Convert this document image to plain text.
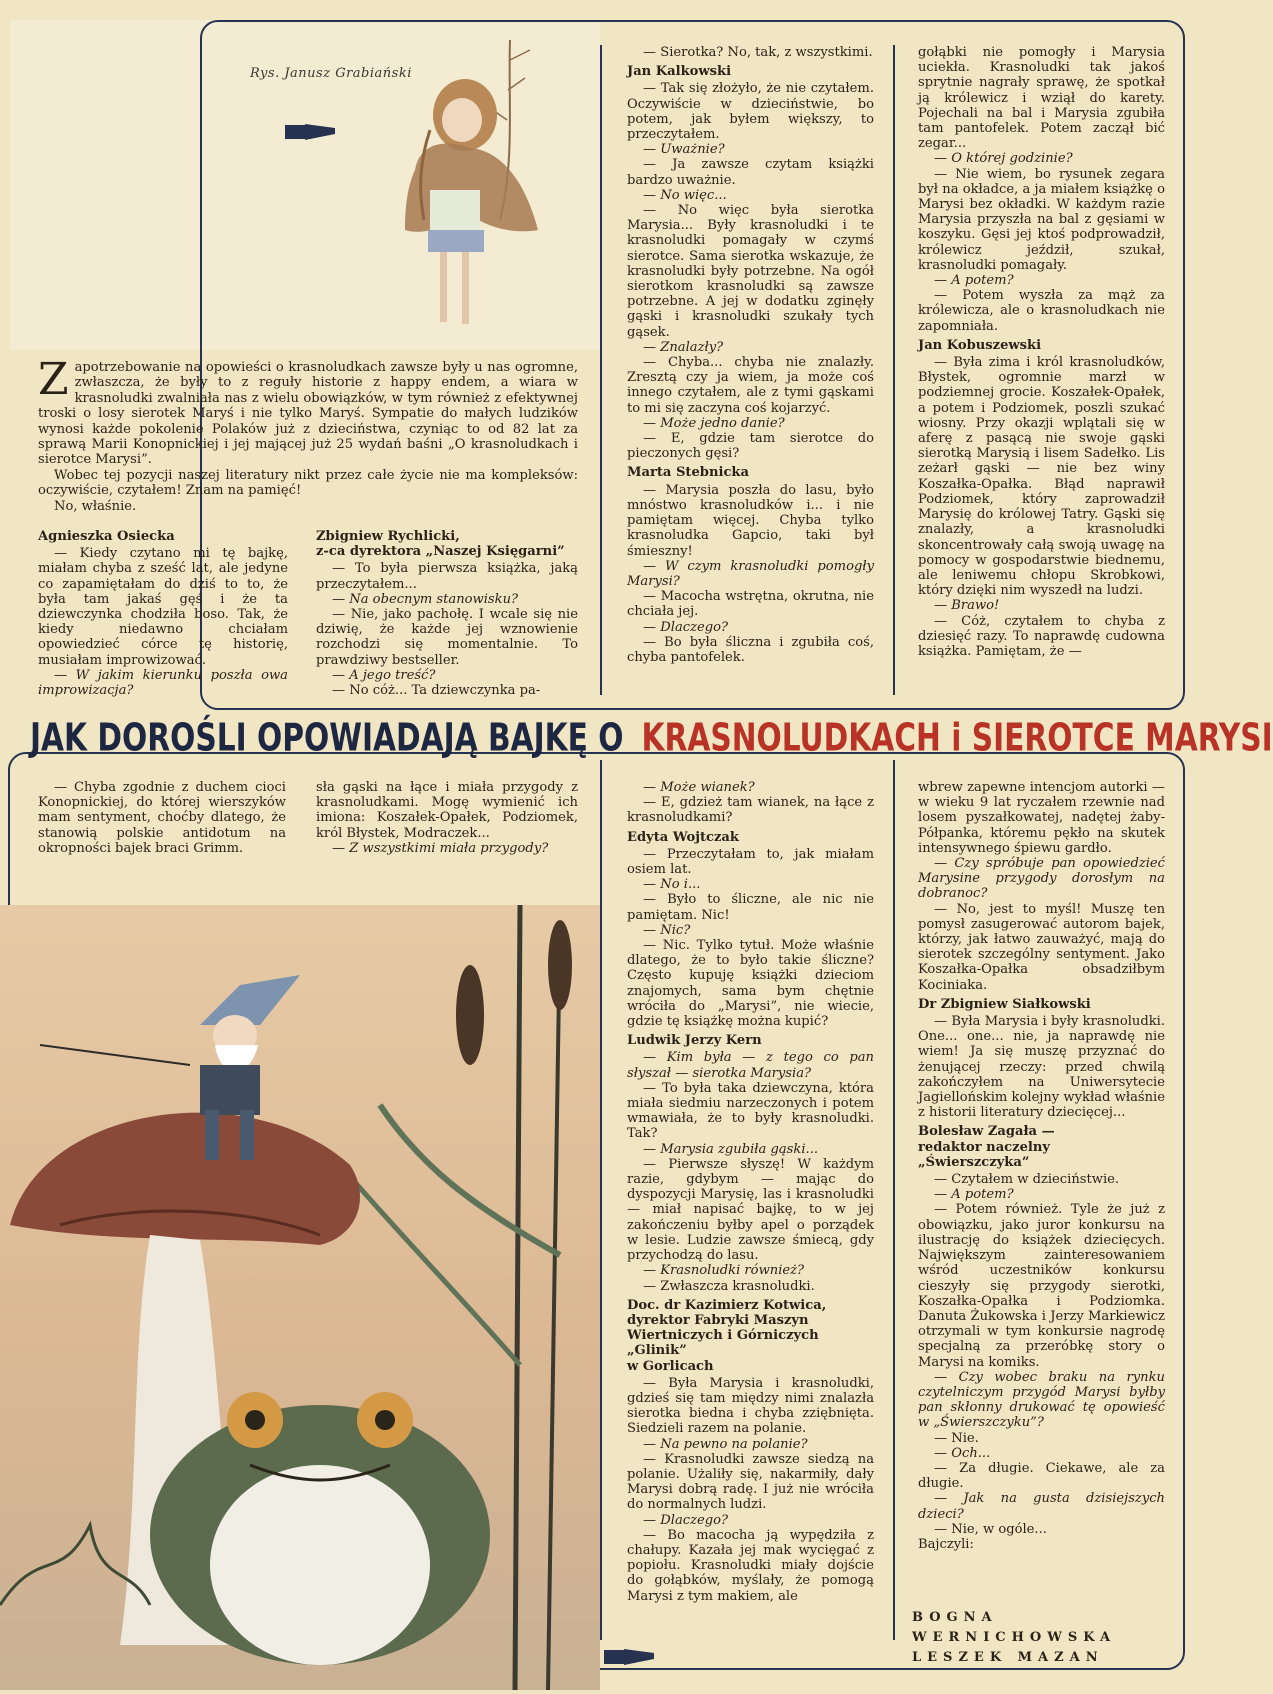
Rys. Janusz Grabiański

Zapotrzebowanie na opowieści o krasnoludkach zawsze były u nas ogromne, zwłaszcza, że były to z reguły historie z happy endem, a wiara w krasnoludki zwalniała nas z wielu obowiązków, w tym również z efektywnej troski o losy sierotek Maryś i nie tylko Maryś. Sympatie do małych ludzików wynosi każde pokolenie Polaków już z dzieciństwa, czyniąc to od 82 lat za sprawą Marii Konopnickiej i jej mającej już 25 wydań baśni „O krasnoludkach i sierotce Marysi”.

Wobec tej pozycji naszej literatury nikt przez całe życie nie ma kompleksów: oczywiście, czytałem! Znam na pamięć!

No, właśnie.

Agnieszka Osiecka

— Kiedy czytano mi tę bajkę, miałam chyba z sześć lat, ale jedyne co zapamiętałam do dziś to to, że była tam jakaś gęś i że ta dziewczynka chodziła boso. Tak, że kiedy niedawno chciałam opowiedzieć córce tę historię, musiałam improwizować.

— W jakim kierunku poszła owa improwizacja?

Zbigniew Rychlicki,
z-ca dyrektora „Naszej Księgarni”

— To była pierwsza książka, jaką przeczytałem...

— Na obecnym stanowisku?

— Nie, jako pachołę. I wcale się nie dziwię, że każde jej wznowienie rozchodzi się momentalnie. To prawdziwy bestseller.

— A jego treść?

— No cóż... Ta dziewczynka pa-

— Sierotka? No, tak, z wszystkimi.

Jan Kalkowski

— Tak się złożyło, że nie czytałem. Oczywiście w dzieciństwie, bo potem, jak byłem większy, to przeczytałem.

— Uważnie?

— Ja zawsze czytam książki bardzo uważnie.

— No więc...

— No więc była sierotka Marysia... Były krasnoludki i te krasnoludki pomagały w czymś sierotce. Sama sierotka wskazuje, że krasnoludki były potrzebne. Na ogół sierotkom krasnoludki są zawsze potrzebne. A jej w dodatku zginęły gąski i krasnoludki szukały tych gąsek.

— Znalazły?

— Chyba... chyba nie znalazły. Zresztą czy ja wiem, ja może coś innego czytałem, ale z tymi gąskami to mi się zaczyna coś kojarzyć.

— Może jedno danie?

— E, gdzie tam sierotce do pieczonych gęsi?

Marta Stebnicka

— Marysia poszła do lasu, było mnóstwo krasnoludków i... i nie pamiętam więcej. Chyba tylko krasnoludka Gapcio, taki był śmieszny!

— W czym krasnoludki pomogły Marysi?

— Macocha wstrętna, okrutna, nie chciała jej.

— Dlaczego?

— Bo była śliczna i zgubiła coś, chyba pantofelek.

gołąbki nie pomogły i Marysia uciekła. Krasnoludki tak jakoś sprytnie nagrały sprawę, że spotkał ją królewicz i wziął do karety. Pojechali na bal i Marysia zgubiła tam pantofelek. Potem zaczął bić zegar...

— O której godzinie?

— Nie wiem, bo rysunek zegara był na okładce, a ja miałem książkę o Marysi bez okładki. W każdym razie Marysia przyszła na bal z gęsiami w koszyku. Gęsi jej ktoś podprowadził, królewicz jeździł, szukał, krasnoludki pomagały.

— A potem?

— Potem wyszła za mąż za królewicza, ale o krasnoludkach nie zapomniała.

Jan Kobuszewski

— Była zima i król krasnoludków, Błystek, ogromnie marzł w podziemnej grocie. Koszałek-Opałek, a potem i Podziomek, poszli szukać wiosny. Przy okazji wplątali się w aferę z pasącą nie swoje gąski sierotką Marysią i lisem Sadełko. Lis zeżarł gąski — nie bez winy Koszałka-Opałka. Błąd naprawił Podziomek, który zaprowadził Marysię do królowej Tatry. Gąski się znalazły, a krasnoludki skoncentrowały całą swoją uwagę na pomocy w gospodarstwie biednemu, ale leniwemu chłopu Skrobkowi, który dzięki nim wyszedł na ludzi.

— Brawo!

— Cóż, czytałem to chyba z dziesięć razy. To naprawdę cudowna książka. Pamiętam, że —

JAK DOROŚLI OPOWIADAJĄ BAJKĘ O KRASNOLUDKACH i SIEROTCE MARYSI

— Chyba zgodnie z duchem cioci Konopnickiej, do której wierszyków mam sentyment, choćby dlatego, że stanowią polskie antidotum na okropności bajek braci Grimm.

sła gąski na łące i miała przygody z krasnoludkami. Mogę wymienić ich imiona: Koszałek-Opałek, Podziomek, król Błystek, Modraczek...

— Z wszystkimi miała przygody?

— Może wianek?

— E, gdzież tam wianek, na łące z krasnoludkami?

Edyta Wojtczak

— Przeczytałam to, jak miałam osiem lat.

— No i...

— Było to śliczne, ale nic nie pamiętam. Nic!

— Nic?

— Nic. Tylko tytuł. Może właśnie dlatego, że to było takie śliczne? Często kupuję książki dzieciom znajomych, sama bym chętnie wróciła do „Marysi”, nie wiecie, gdzie tę książkę można kupić?

Ludwik Jerzy Kern

— Kim była — z tego co pan słyszał — sierotka Marysia?

— To była taka dziewczyna, która miała siedmiu narzeczonych i potem wmawiała, że to były krasnoludki. Tak?

— Marysia zgubiła gąski...

— Pierwsze słyszę! W każdym razie, gdybym — mając do dyspozycji Marysię, las i krasnoludki — miał napisać bajkę, to w jej zakończeniu byłby apel o porządek w lesie. Ludzie zawsze śmiecą, gdy przychodzą do lasu.

— Krasnoludki również?

— Zwłaszcza krasnoludki.

Doc. dr Kazimierz Kotwica, dyrektor Fabryki Maszyn Wiertniczych i Górniczych „Glinik”
w Gorlicach

— Była Marysia i krasnoludki, gdzieś się tam między nimi znalazła sierotka biedna i chyba zziębnięta. Siedzieli razem na polanie.

— Na pewno na polanie?

— Krasnoludki zawsze siedzą na polanie. Użaliły się, nakarmiły, dały Marysi dobrą radę. I już nie wróciła do normalnych ludzi.

— Dlaczego?

— Bo macocha ją wypędziła z chałupy. Kazała jej mak wycięgać z popiołu. Krasnoludki miały dojście do gołąbków, myślały, że pomogą Marysi z tym makiem, ale

wbrew zapewne intencjom autorki — w wieku 9 lat ryczałem rzewnie nad losem pyszałkowatej, nadętej żaby-Półpanka, któremu pękło na skutek intensywnego śpiewu gardło.

— Czy spróbuje pan opowiedzieć Marysine przygody dorosłym na dobranoc?

— No, jest to myśl! Muszę ten pomysł zasugerować autorom bajek, którzy, jak łatwo zauważyć, mają do sierotek szczególny sentyment. Jako Koszałka-Opałka obsadziłbym Kociniaka.

Dr Zbigniew Siałkowski

— Była Marysia i były krasnoludki. One... one... nie, ja naprawdę nie wiem! Ja się muszę przyznać do żenującej rzeczy: przed chwilą zakończyłem na Uniwersytecie Jagiellońskim kolejny wykład właśnie z historii literatury dziecięcej...

Bolesław Zagała —
redaktor naczelny „Świerszczyka”

— Czytałem w dzieciństwie.

— A potem?

— Potem również. Tyle że już z obowiązku, jako juror konkursu na ilustrację do książek dziecięcych. Największym zainteresowaniem wśród uczestników konkursu cieszyły się przygody sierotki, Koszałka-Opałka i Podziomka. Danuta Żukowska i Jerzy Markiewicz otrzymali w tym konkursie nagrodę specjalną za przeróbkę story o Marysi na komiks.

— Czy wobec braku na rynku czytelniczym przygód Marysi byłby pan skłonny drukować tę opowieść w „Świerszczyku”?

— Nie.

— Och...

— Za długie. Ciekawe, ale za długie.

— Jak na gusta dzisiejszych dzieci?

— Nie, w ogóle...

Bajczyli:

BOGNA WERNICHOWSKA
LESZEK MAZAN
